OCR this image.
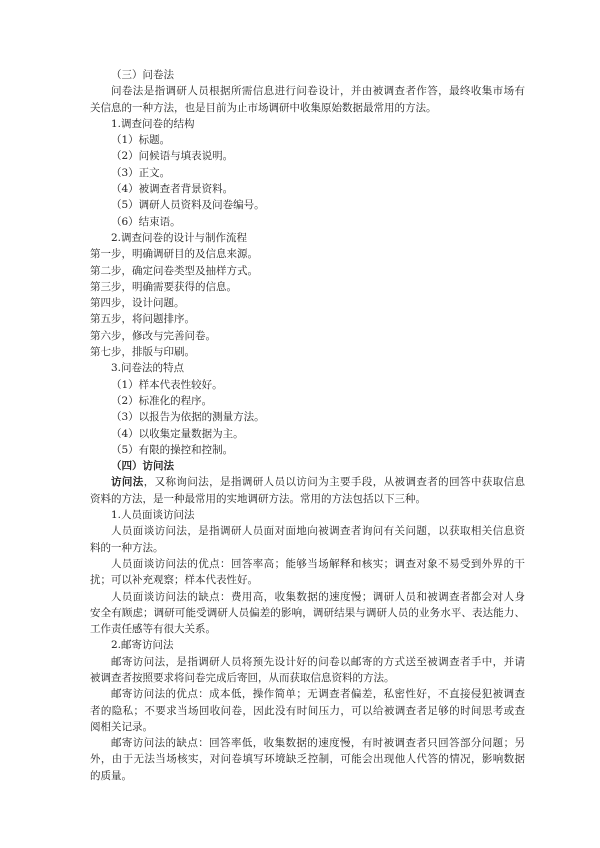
（三）问卷法
问卷法是指调研人员根据所需信息进行问卷设计，并由被调查者作答，最终收集市场有
关信息的一种方法，也是目前为止市场调研中收集原始数据最常用的方法。
1.调查问卷的结构
（1）标题。
（2）问候语与填表说明。
（3）正文。
（4）被调查者背景资料。
（5）调研人员资料及问卷编号。
（6）结束语。
2.调查问卷的设计与制作流程
第一步，明确调研目的及信息来源。
第二步，确定问卷类型及抽样方式。
第三步，明确需要获得的信息。
第四步，设计问题。
第五步，将问题排序。
第六步，修改与完善问卷。
第七步，排版与印刷。
3.问卷法的特点
（1）样本代表性较好。
（2）标准化的程序。
（3）以报告为依据的测量方法。
（4）以收集定量数据为主。
（5）有限的操控和控制。
（四）访问法
访问法，又称询问法，是指调研人员以访问为主要手段，从被调查者的回答中获取信息
资料的方法，是一种最常用的实地调研方法。常用的方法包括以下三种。
1.人员面谈访问法
人员面谈访问法，是指调研人员面对面地向被调查者询问有关问题，以获取相关信息资
料的一种方法。
人员面谈访问法的优点：回答率高；能够当场解释和核实；调查对象不易受到外界的干
扰；可以补充观察；样本代表性好。
人员面谈访问法的缺点：费用高，收集数据的速度慢；调研人员和被调查者都会对人身
安全有顾虑；调研可能受调研人员偏差的影响，调研结果与调研人员的业务水平、表达能力、
工作责任感等有很大关系。
2.邮寄访问法
邮寄访问法，是指调研人员将预先设计好的问卷以邮寄的方式送至被调查者手中，并请
被调查者按照要求将问卷完成后寄回，从而获取信息资料的方法。
邮寄访问法的优点：成本低，操作简单；无调查者偏差，私密性好，不直接侵犯被调查
者的隐私；不要求当场回收问卷，因此没有时间压力，可以给被调查者足够的时间思考或查
阅相关记录。
邮寄访问法的缺点：回答率低，收集数据的速度慢，有时被调查者只回答部分问题；另
外，由于无法当场核实，对问卷填写环境缺乏控制，可能会出现他人代答的情况，影响数据
的质量。
